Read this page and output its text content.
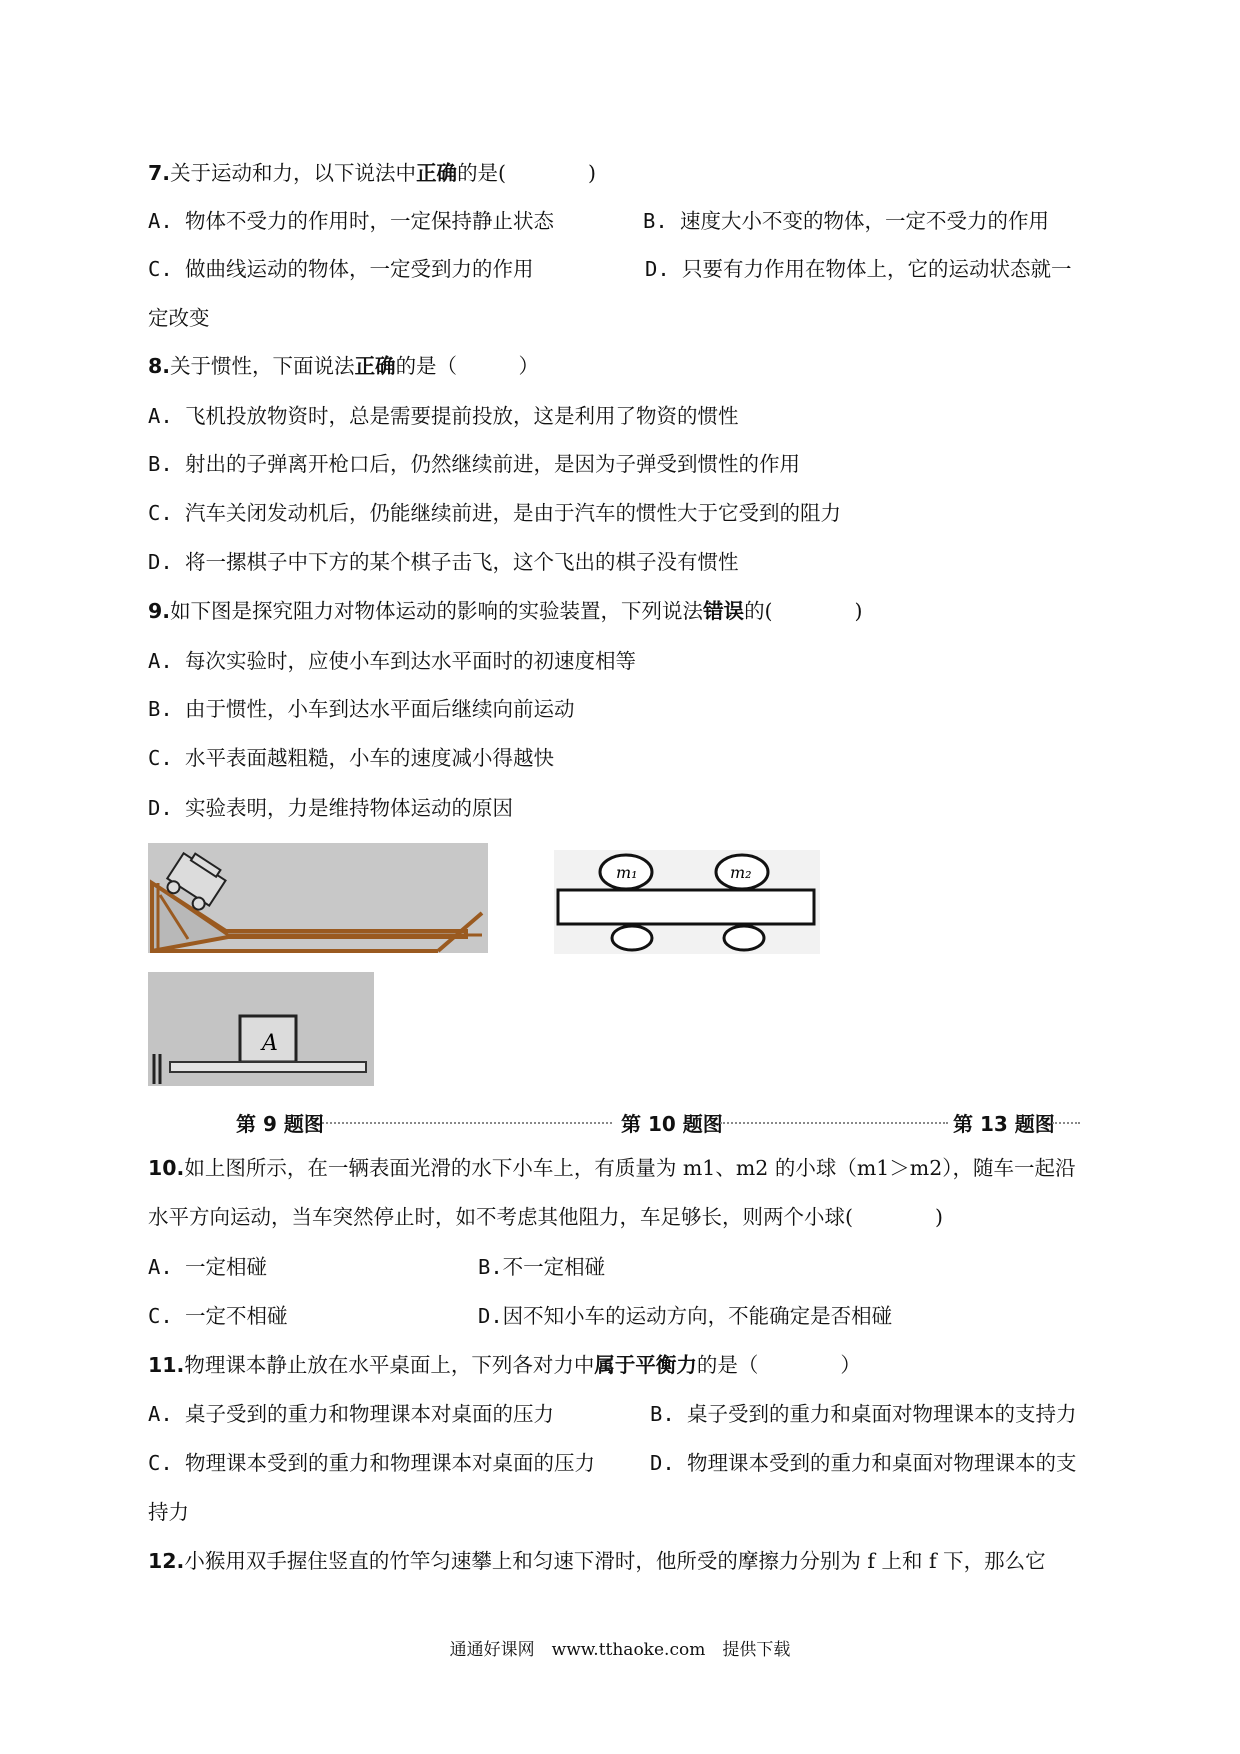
7.关于运动和力，以下说法中正确的是(　　　　)
A. 物体不受力的作用时，一定保持静止状态	B. 速度大小不变的物体，一定不受力的作用
C. 做曲线运动的物体，一定受到力的作用	D. 只要有力作用在物体上，它的运动状态就一
定改变
8.关于惯性，下面说法正确的是（　　　）
A. 飞机投放物资时，总是需要提前投放，这是利用了物资的惯性
B. 射出的子弹离开枪口后，仍然继续前进，是因为子弹受到惯性的作用
C. 汽车关闭发动机后，仍能继续前进，是由于汽车的惯性大于它受到的阻力
D. 将一摞棋子中下方的某个棋子击飞，这个飞出的棋子没有惯性
9.如下图是探究阻力对物体运动的影响的实验装置，下列说法错误的(　　　　)
A. 每次实验时，应使小车到达水平面时的初速度相等
B. 由于惯性，小车到达水平面后继续向前运动
C. 水平表面越粗糙，小车的速度减小得越快
D. 实验表明，力是维持物体运动的原因
m₁	m₂
A
第 9 题图	第 10 题图	第 13 题图
10.如上图所示，在一辆表面光滑的水下小车上，有质量为 m1、m2 的小球（m1＞m2），随车一起沿
水平方向运动，当车突然停止时，如不考虑其他阻力，车足够长，则两个小球(　　　　)
A. 一定相碰	B.不一定相碰
C. 一定不相碰	D.因不知小车的运动方向，不能确定是否相碰
11.物理课本静止放在水平桌面上，下列各对力中属于平衡力的是（　　　　）
A. 桌子受到的重力和物理课本对桌面的压力	B. 桌子受到的重力和桌面对物理课本的支持力
C. 物理课本受到的重力和物理课本对桌面的压力	D. 物理课本受到的重力和桌面对物理课本的支
持力
12.小猴用双手握住竖直的竹竿匀速攀上和匀速下滑时，他所受的摩擦力分别为 f 上和 f 下，那么它
通通好课网　www.tthaoke.com　提供下载
